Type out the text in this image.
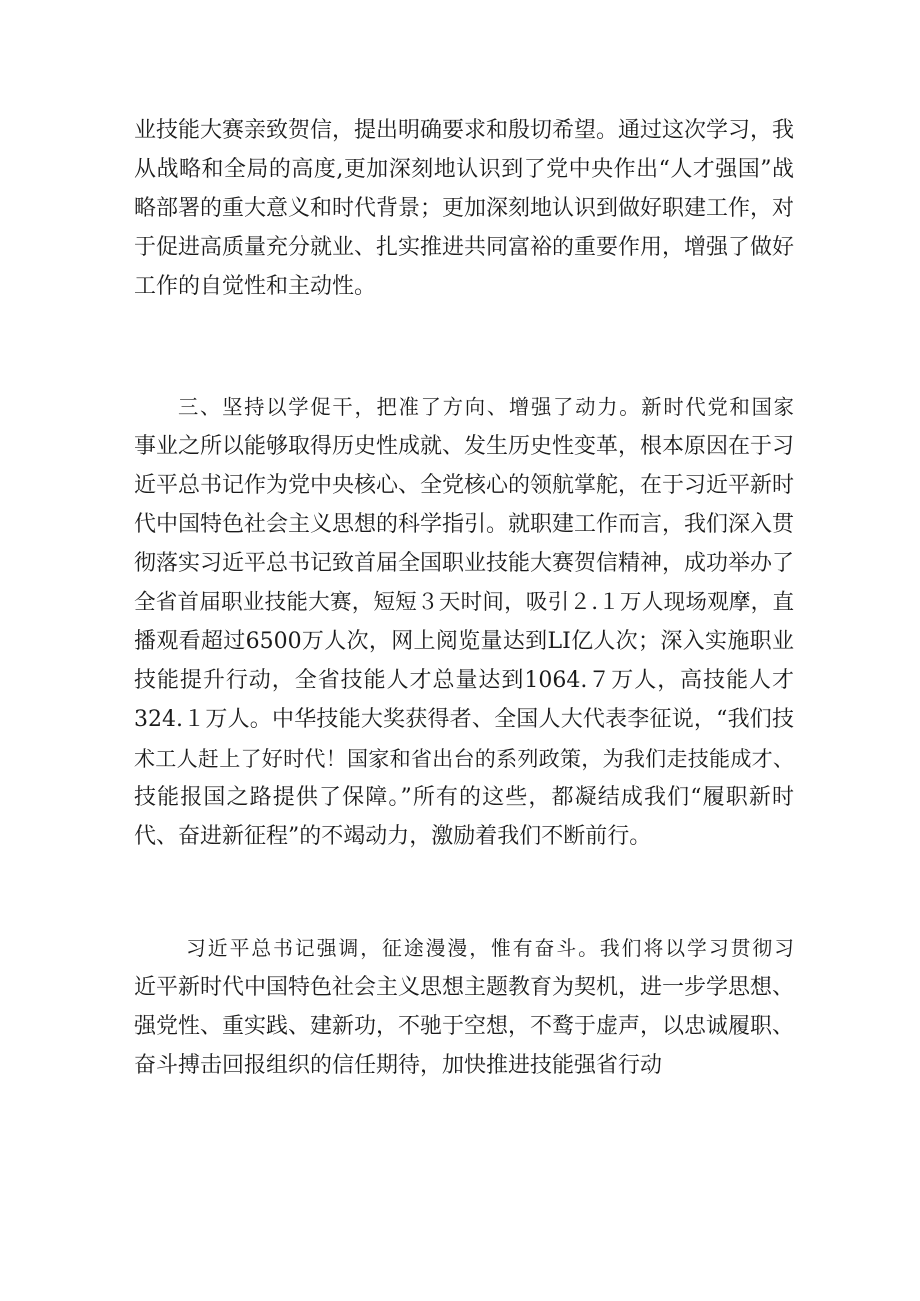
业技能大赛亲致贺信，提出明确要求和殷切希望。通过这次学习，我
从战略和全局的高度,更加深刻地认识到了党中央作出“人才强国”战
略部署的重大意义和时代背景；更加深刻地认识到做好职建工作，对
于促进高质量充分就业、扎实推进共同富裕的重要作用，增强了做好
工作的自觉性和主动性。
三、坚持以学促干，把准了方向、增强了动力。新时代党和国家
事业之所以能够取得历史性成就、发生历史性变革，根本原因在于习
近平总书记作为党中央核心、全党核心的领航掌舵，在于习近平新时
代中国特色社会主义思想的科学指引。就职建工作而言，我们深入贯
彻落实习近平总书记致首届全国职业技能大赛贺信精神，成功举办了
全省首届职业技能大赛，短短３天时间，吸引２.１万人现场观摩，直
播观看超过6500万人次，网上阅览量达到LI亿人次；深入实施职业
技能提升行动，全省技能人才总量达到1064.７万人，高技能人才
324.１万人。中华技能大奖获得者、全国人大代表李征说，“我们技
术工人赶上了好时代！国家和省出台的系列政策，为我们走技能成才、
技能报国之路提供了保障。”所有的这些，都凝结成我们“履职新时
代、奋进新征程”的不竭动力，激励着我们不断前行。
习近平总书记强调，征途漫漫，惟有奋斗。我们将以学习贯彻习
近平新时代中国特色社会主义思想主题教育为契机，进一步学思想、
强党性、重实践、建新功，不驰于空想，不鹜于虚声，以忠诚履职、
奋斗搏击回报组织的信任期待，加快推进技能强省行动
